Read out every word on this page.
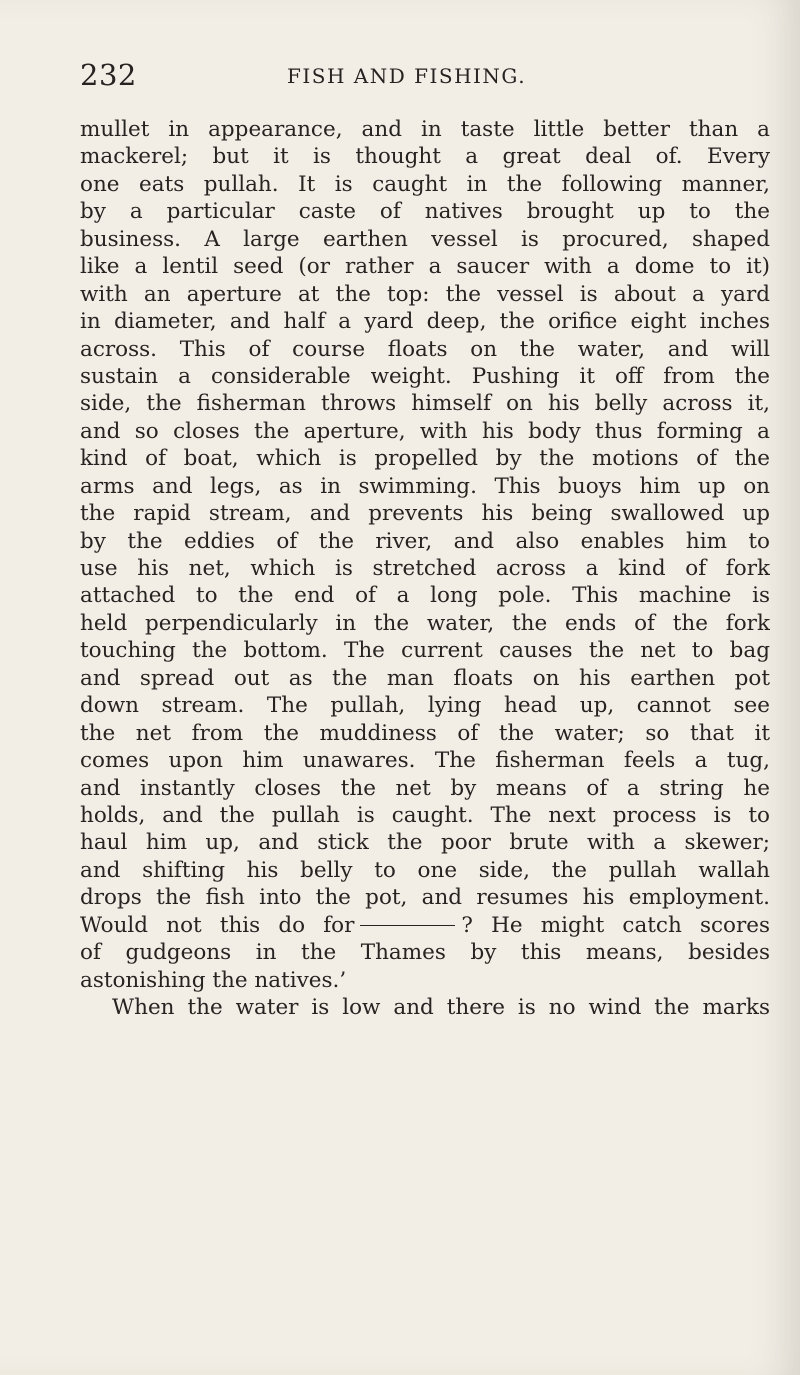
232	FISH AND FISHING.
mullet in appearance, and in taste little better than a
mackerel; but it is thought a great deal of. Every
one eats pullah. It is caught in the following manner,
by a particular caste of natives brought up to the
business. A large earthen vessel is procured, shaped
like a lentil seed (or rather a saucer with a dome to it)
with an aperture at the top: the vessel is about a yard
in diameter, and half a yard deep, the orifice eight inches
across. This of course floats on the water, and will
sustain a considerable weight. Pushing it off from the
side, the fisherman throws himself on his belly across it,
and so closes the aperture, with his body thus forming a
kind of boat, which is propelled by the motions of the
arms and legs, as in swimming. This buoys him up on
the rapid stream, and prevents his being swallowed up
by the eddies of the river, and also enables him to
use his net, which is stretched across a kind of fork
attached to the end of a long pole. This machine is
held perpendicularly in the water, the ends of the fork
touching the bottom. The current causes the net to bag
and spread out as the man floats on his earthen pot
down stream. The pullah, lying head up, cannot see
the net from the muddiness of the water; so that it
comes upon him unawares. The fisherman feels a tug,
and instantly closes the net by means of a string he
holds, and the pullah is caught. The next process is to
haul him up, and stick the poor brute with a skewer;
and shifting his belly to one side, the pullah wallah
drops the fish into the pot, and resumes his employment.
Would not this do for	? He might catch scores
of gudgeons in the Thames by this means, besides
astonishing the natives.’
When the water is low and there is no wind the marks
